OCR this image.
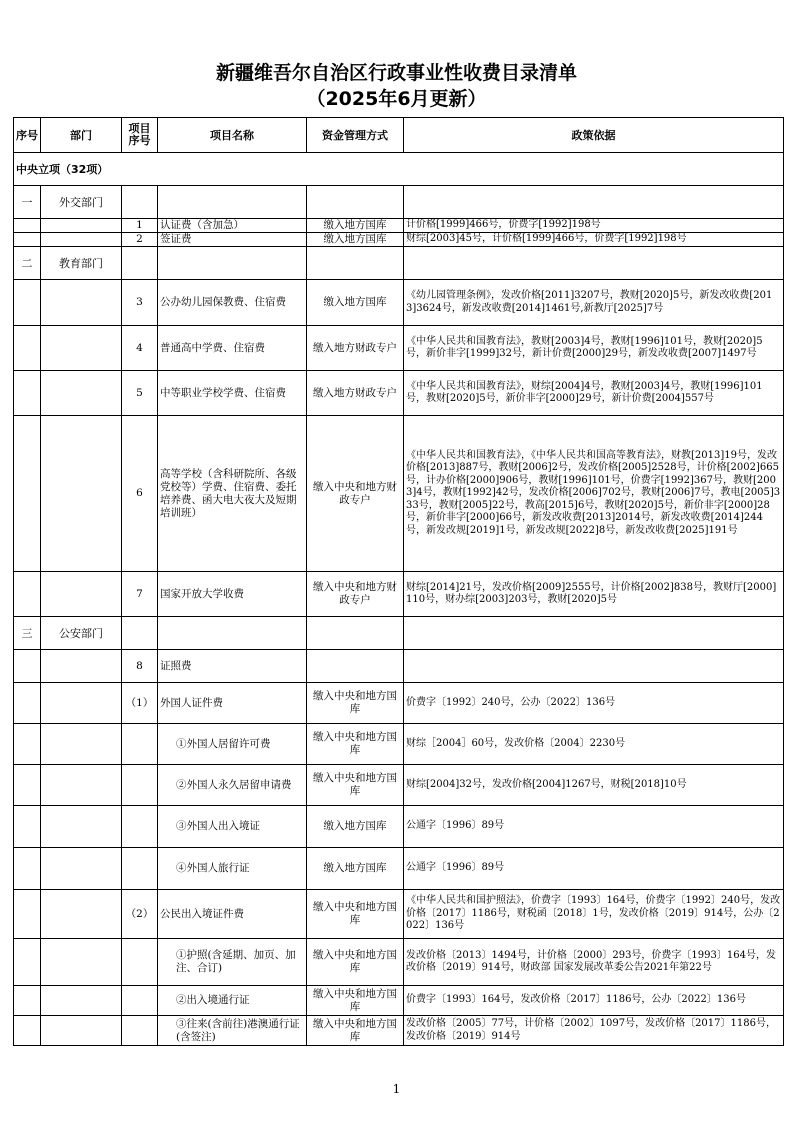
新疆维吾尔自治区行政事业性收费目录清单
（2025年6月更新）
序号	部门	项目序号	项目名称	资金管理方式	政策依据
中央立项（32项）					
一	外交部门				
		1	认证费（含加急）	缴入地方国库	计价格[1999]466号，价费字[1992]198号
		2	签证费	缴入地方国库	财综[2003]45号，计价格[1999]466号，价费字[1992]198号
二	教育部门				
		3	公办幼儿园保教费、住宿费	缴入地方国库	《幼儿园管理条例》，发改价格[2011]3207号，教财[2020]5号，新发改收费[2013]3624号，新发改收费[2014]1461号,新教厅[2025]7号
		4	普通高中学费、住宿费	缴入地方财政专户	《中华人民共和国教育法》，教财[2003]4号，教财[1996]101号，教财[2020]5号，新价非字[1999]32号，新计价费[2000]29号，新发改收费[2007]1497号
		5	中等职业学校学费、住宿费	缴入地方财政专户	《中华人民共和国教育法》，财综[2004]4号，教财[2003]4号，教财[1996]101号，教财[2020]5号，新价非字[2000]29号，新计价费[2004]557号
		6	高等学校（含科研院所、各级党校等）学费、住宿费、委托培养费、函大电大夜大及短期培训班）	缴入中央和地方财政专户	《中华人民共和国教育法》，《中华人民共和国高等教育法》，财教[2013]19号，发改价格[2013]887号，教财[2006]2号，发改价格[2005]2528号，计价格[2002]665号，计办价格[2000]906号，教财[1996]101号，价费字[1992]367号，教财[2003]4号，教财[1992]42号，发改价格[2006]702号，教财[2006]7号，教电[2005]333号，教财[2005]22号，教高[2015]6号，教财[2020]5号，新价非字[2000]28号，新价非字[2000]66号，新发改收费[2013]2014号，新发改收费[2014]244号，新发改规[2019]1号，新发改规[2022]8号，新发改收费[2025]191号
		7	国家开放大学收费	缴入中央和地方财政专户	财综[2014]21号，发改价格[2009]2555号，计价格[2002]838号，教财厅[2000]110号，财办综[2003]203号，教财[2020]5号
三	公安部门				
		8	证照费		
		（1）	外国人证件费	缴入中央和地方国库	价费字〔1992〕240号，公办〔2022〕136号
			①外国人居留许可费	缴入中央和地方国库	财综［2004］60号，发改价格〔2004〕2230号
			②外国人永久居留申请费	缴入中央和地方国库	财综[2004]32号，发改价格[2004]1267号，财税[2018]10号
			③外国人出入境证	缴入地方国库	公通字〔1996〕89号
			④外国人旅行证	缴入地方国库	公通字〔1996〕89号
		（2）	公民出入境证件费	缴入中央和地方国库	《中华人民共和国护照法》，价费字〔1993〕164号，价费字〔1992〕240号，发改价格〔2017〕1186号，财税函〔2018〕1号，发改价格〔2019〕914号，公办〔2022〕136号
			①护照(含延期、加页、加注、合订)	缴入中央和地方国库	发改价格〔2013〕1494号，计价格〔2000〕293号，价费字〔1993〕164号，发改价格〔2019〕914号，财政部 国家发展改革委公告2021年第22号
			②出入境通行证	缴入中央和地方国库	价费字〔1993〕164号，发改价格〔2017〕1186号，公办〔2022〕136号
			③往来(含前往)港澳通行证(含签注)	缴入中央和地方国库	发改价格〔2005〕77号，计价格〔2002〕1097号，发改价格〔2017〕1186号，发改价格〔2019〕914号
1
